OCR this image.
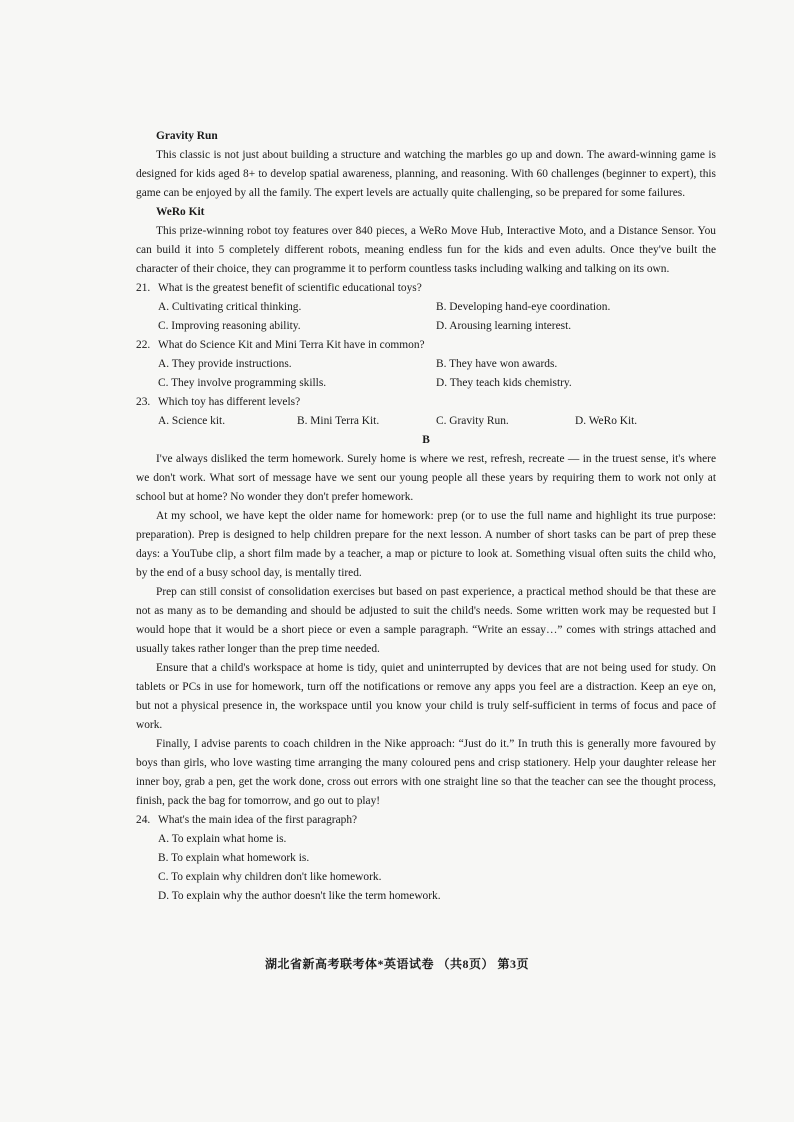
Gravity Run

This classic is not just about building a structure and watching the marbles go up and down. The award-winning game is designed for kids aged 8+ to develop spatial awareness, planning, and reasoning. With 60 challenges (beginner to expert), this game can be enjoyed by all the family. The expert levels are actually quite challenging, so be prepared for some failures.

WeRo Kit

This prize-winning robot toy features over 840 pieces, a WeRo Move Hub, Interactive Moto, and a Distance Sensor. You can build it into 5 completely different robots, meaning endless fun for the kids and even adults. Once they've built the character of their choice, they can programme it to perform countless tasks including walking and talking on its own.

21. What is the greatest benefit of scientific educational toys?
A. Cultivating critical thinking.	B. Developing hand-eye coordination.
C. Improving reasoning ability.	D. Arousing learning interest.
22. What do Science Kit and Mini Terra Kit have in common?
A. They provide instructions.	B. They have won awards.
C. They involve programming skills.	D. They teach kids chemistry.
23. Which toy has different levels?
A. Science kit.	B. Mini Terra Kit.	C. Gravity Run.	D. WeRo Kit.
B

I've always disliked the term homework. Surely home is where we rest, refresh, recreate — in the truest sense, it's where we don't work. What sort of message have we sent our young people all these years by requiring them to work not only at school but at home? No wonder they don't prefer homework.

At my school, we have kept the older name for homework: prep (or to use the full name and highlight its true purpose: preparation). Prep is designed to help children prepare for the next lesson. A number of short tasks can be part of prep these days: a YouTube clip, a short film made by a teacher, a map or picture to look at. Something visual often suits the child who, by the end of a busy school day, is mentally tired.

Prep can still consist of consolidation exercises but based on past experience, a practical method should be that these are not as many as to be demanding and should be adjusted to suit the child's needs. Some written work may be requested but I would hope that it would be a short piece or even a sample paragraph. “Write an essay…” comes with strings attached and usually takes rather longer than the prep time needed.

Ensure that a child's workspace at home is tidy, quiet and uninterrupted by devices that are not being used for study. On tablets or PCs in use for homework, turn off the notifications or remove any apps you feel are a distraction. Keep an eye on, but not a physical presence in, the workspace until you know your child is truly self-sufficient in terms of focus and pace of work.

Finally, I advise parents to coach children in the Nike approach: “Just do it.” In truth this is generally more favoured by boys than girls, who love wasting time arranging the many coloured pens and crisp stationery. Help your daughter release her inner boy, grab a pen, get the work done, cross out errors with one straight line so that the teacher can see the thought process, finish, pack the bag for tomorrow, and go out to play!

24. What's the main idea of the first paragraph?
A. To explain what home is.
B. To explain what homework is.
C. To explain why children don't like homework.
D. To explain why the author doesn't like the term homework.
湖北省新高考联考体*英语试卷 （共8页） 第3页
